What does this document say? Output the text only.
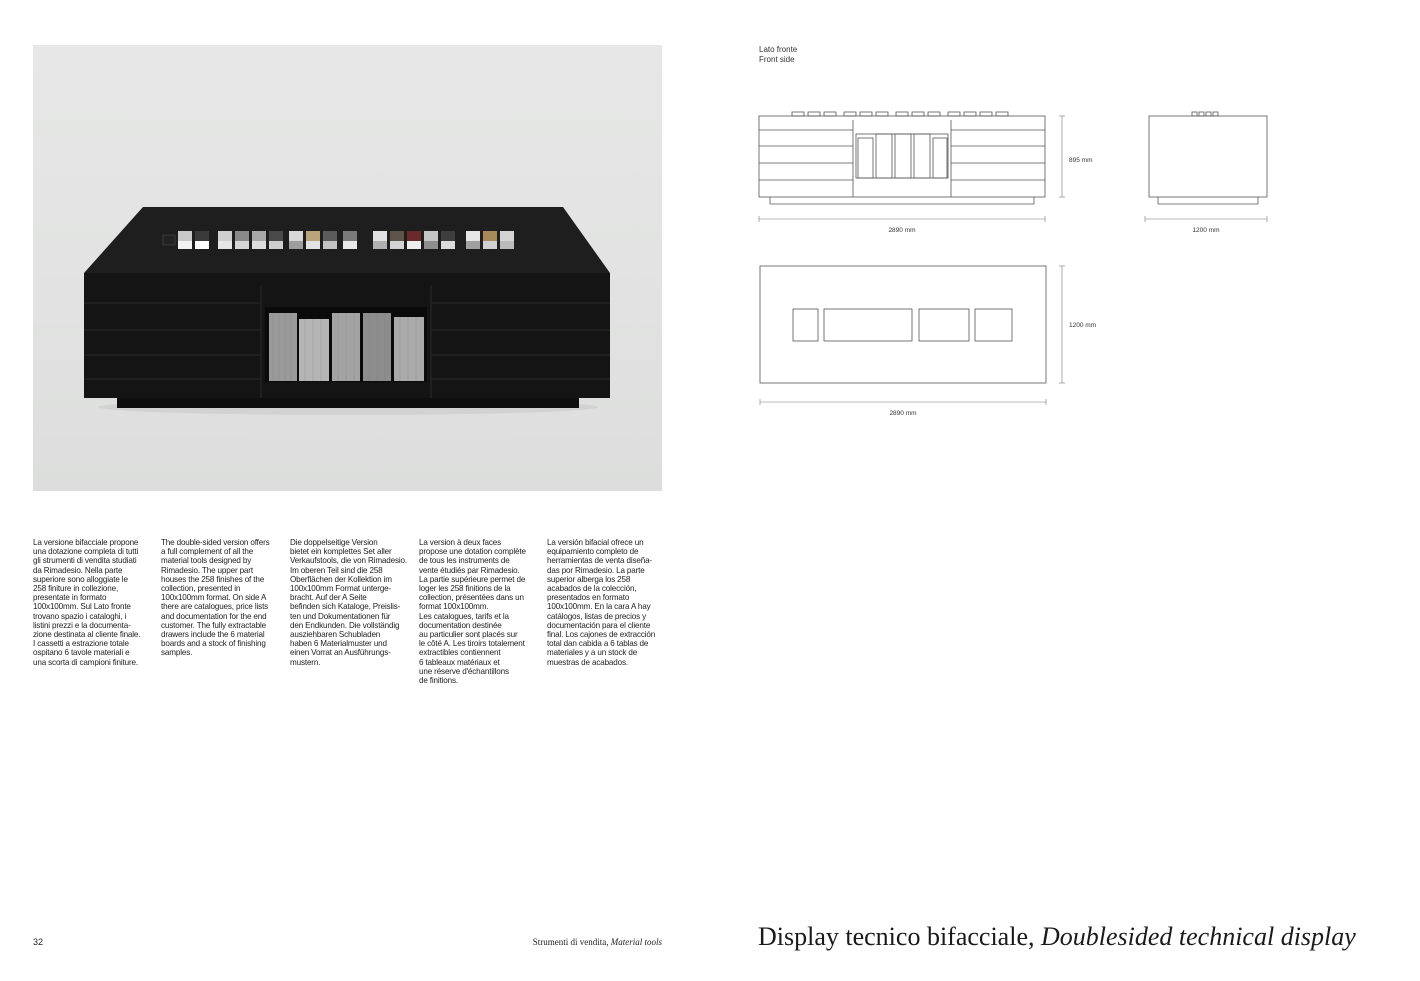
La versione bifacciale propone
una dotazione completa di tutti
gli strumenti di vendita studiati
da Rimadesio. Nella parte
superiore sono alloggiate le
258 finiture in collezione,
presentate in formato
100x100mm. Sul Lato fronte
trovano spazio i cataloghi, i
listini prezzi e la documenta-
zione destinata al cliente finale.
I cassetti a estrazione totale
ospitano 6 tavole materiali e
una scorta di campioni finiture.

The double-sided version offers
a full complement of all the
material tools designed by
Rimadesio. The upper part
houses the 258 finishes of the
collection, presented in
100x100mm format. On side A
there are catalogues, price lists
and documentation for the end
customer. The fully extractable
drawers include the 6 material
boards and a stock of finishing
samples.

Die doppelseitige Version
bietet ein komplettes Set aller
Verkaufstools, die von Rimadesio.
Im oberen Teil sind die 258
Oberflächen der Kollektion im
100x100mm Format unterge-
bracht. Auf der A Seite
befinden sich Kataloge, Preislis-
ten und Dokumentationen für
den Endkunden. Die vollständig
ausziehbaren Schubladen
haben 6 Materialmuster und
einen Vorrat an Ausführungs-
mustern.

La version à deux faces
propose une dotation complète
de tous les instruments de
vente étudiés par Rimadesio.
La partie supérieure permet de
loger les 258 finitions de la
collection, présentées dans un
format 100x100mm.
Les catalogues, tarifs et la
documentation destinée
au particulier sont placés sur
le côté A. Les tiroirs totalement
extractibles contiennent
6 tableaux matériaux et
une réserve d'échantillons
de finitions.

La versión bifacial ofrece un
equipamiento completo de
herramientas de venta diseña-
das por Rimadesio. La parte
superior alberga los 258
acabados de la colección,
presentados en formato
100x100mm. En la cara A hay
catálogos, listas de precios y
documentación para el cliente
final. Los cajones de extracción
total dan cabida a 6 tablas de
materiales y a un stock de
muestras de acabados.

Lato fronte
Front side
2890 mm
895 mm
1200 mm
1200 mm
2890 mm
32	Strumenti di vendita, Material tools	Display tecnico bifacciale, Doublesided technical display
